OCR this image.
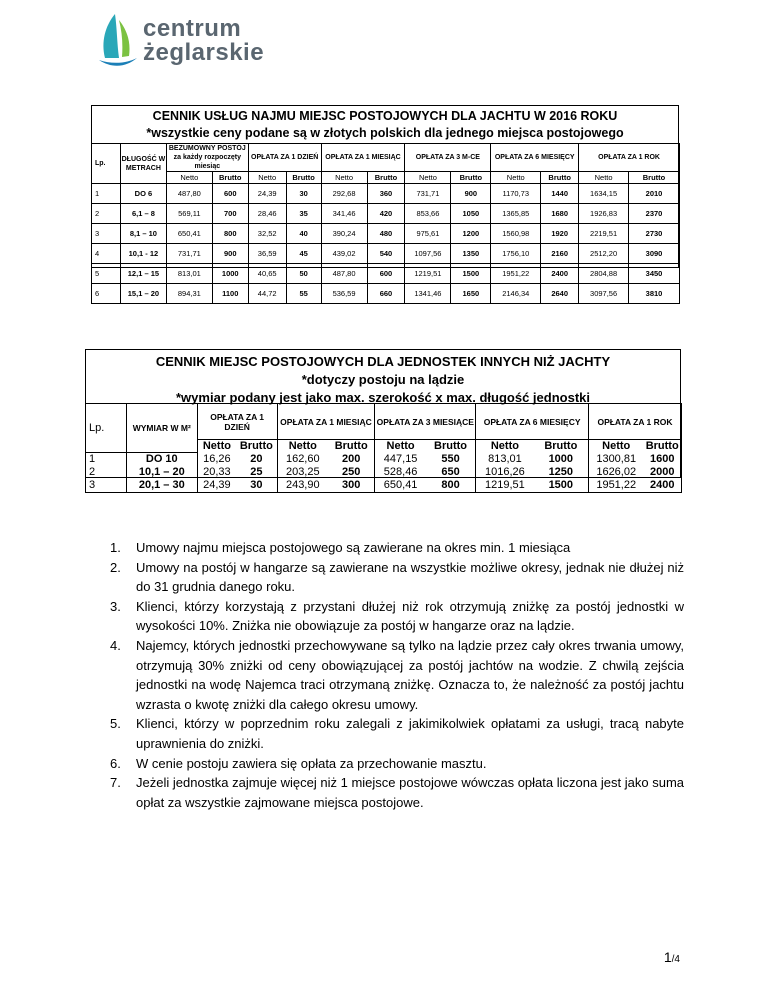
centrum
żeglarskie
CENNIK USŁUG NAJMU MIEJSC POSTOJOWYCH DLA JACHTU W 2016 ROKU
*wszystkie ceny podane są w złotych polskich dla jednego miejsca postojowego
Lp.	DŁUGOŚĆ W METRACH	BEZUMOWNY POSTÓJ za każdy rozpoczęty miesiąc		OPŁATA ZA 1 DZIEŃ		OPŁATA ZA 1 MIESIĄC		OPŁATA ZA 3 M-CE		OPŁATA ZA 6 MIESIĘCY		OPŁATA ZA 1 ROK	
		Netto	Brutto	Netto	Brutto	Netto	Brutto	Netto	Brutto	Netto	Brutto	Netto	Brutto
1	DO 6	487,80	600	24,39	30	292,68	360	731,71	900	1170,73	1440	1634,15	2010
2	6,1 – 8	569,11	700	28,46	35	341,46	420	853,66	1050	1365,85	1680	1926,83	2370
3	8,1 – 10	650,41	800	32,52	40	390,24	480	975,61	1200	1560,98	1920	2219,51	2730
4	10,1 - 12	731,71	900	36,59	45	439,02	540	1097,56	1350	1756,10	2160	2512,20	3090
5	12,1 – 15	813,01	1000	40,65	50	487,80	600	1219,51	1500	1951,22	2400	2804,88	3450
6	15,1 – 20	894,31	1100	44,72	55	536,59	660	1341,46	1650	2146,34	2640	3097,56	3810
CENNIK MIEJSC POSTOJOWYCH DLA JEDNOSTEK INNYCH NIŻ JACHTY
*dotyczy postoju na lądzie
*wymiar podany jest jako max. szerokość x max. długość jednostki
Lp.	WYMIAR W M²	OPŁATA ZA 1 DZIEŃ		OPŁATA ZA 1 MIESIĄC		OPŁATA ZA 3 MIESIĄCE		OPŁATA ZA 6 MIESIĘCY		OPŁATA ZA 1 ROK	
		Netto	Brutto	Netto	Brutto	Netto	Brutto	Netto	Brutto	Netto	Brutto
1	DO 10	16,26	20	162,60	200	447,15	550	813,01	1000	1300,81	1600
2	10,1 – 20	20,33	25	203,25	250	528,46	650	1016,26	1250	1626,02	2000
3	20,1 – 30	24,39	30	243,90	300	650,41	800	1219,51	1500	1951,22	2400
1. Umowy najmu miejsca postojowego są zawierane na okres min. 1 miesiąca
2. Umowy na postój w hangarze są zawierane na wszystkie możliwe okresy, jednak nie dłużej niż do 31 grudnia danego roku.
3. Klienci, którzy korzystają z przystani dłużej niż rok otrzymują zniżkę za postój jednostki w wysokości 10%. Zniżka nie obowiązuje za postój w hangarze oraz na lądzie.
4. Najemcy, których jednostki przechowywane są tylko na lądzie przez cały okres trwania umowy, otrzymują 30% zniżki od ceny obowiązującej za postój jachtów na wodzie. Z chwilą zejścia jednostki na wodę Najemca traci otrzymaną zniżkę. Oznacza to, że należność za postój jachtu wzrasta o kwotę zniżki dla całego okresu umowy.
5. Klienci, którzy w poprzednim roku zalegali z jakimikolwiek opłatami za usługi, tracą nabyte uprawnienia do zniżki.
6. W cenie postoju zawiera się opłata za przechowanie masztu.
7. Jeżeli jednostka zajmuje więcej niż 1 miejsce postojowe wówczas opłata liczona jest jako suma opłat za wszystkie zajmowane miejsca postojowe.
1/4
